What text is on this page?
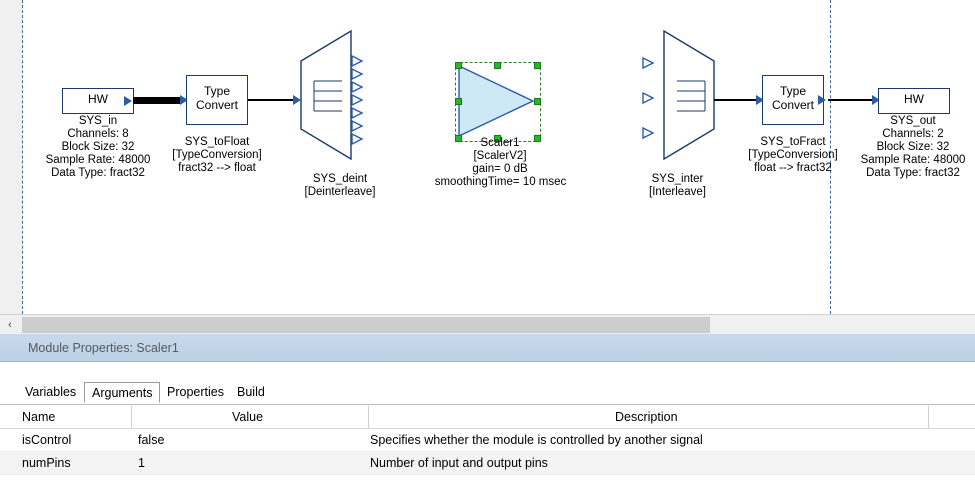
HW
SYS_in
Channels: 8
Block Size: 32
Sample Rate: 48000
Data Type: fract32
Type
Convert
SYS_toFloat
[TypeConversion]
fract32 --> float
SYS_deint
[Deinterleave]
Scaler1
[ScalerV2]
gain= 0 dB
smoothingTime= 10 msec	SYS_inter
[Interleave]
Type
Convert
SYS_toFract
[TypeConversion]
float --> fract32
HW
SYS_out
Channels: 2
Block Size: 32
Sample Rate: 48000
Data Type: fract32
‹
Module Properties: Scaler1
Variables	Arguments	Properties	Build
Name	Value	Description
isControl	false	Specifies whether the module is controlled by another signal
numPins	1	Number of input and output pins
